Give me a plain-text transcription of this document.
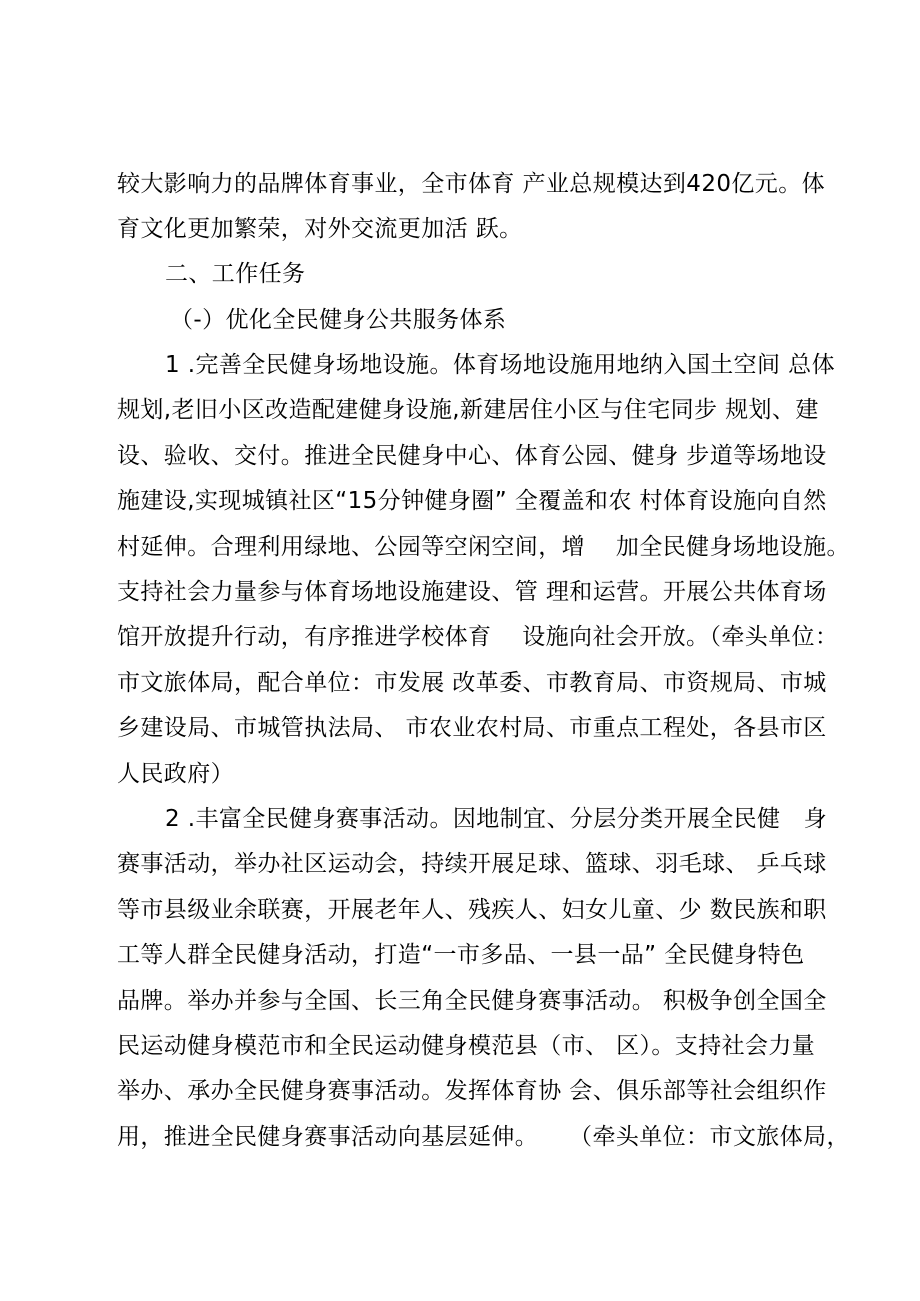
较大影响力的品牌体育事业，全市体育 产业总规模达到420亿元。体
育文化更加繁荣，对外交流更加活 跃。
二、工作任务
（-）优化全民健身公共服务体系
1 .完善全民健身场地设施。体育场地设施用地纳入国土空间 总体
规划,老旧小区改造配建健身设施,新建居住小区与住宅同步 规划、建
设、验收、交付。推进全民健身中心、体育公园、健身 步道等场地设
施建设,实现城镇社区“15分钟健身圈” 全覆盖和农 村体育设施向自然
村延伸。合理利用绿地、公园等空闲空间，增    加全民健身场地设施。
支持社会力量参与体育场地设施建设、管 理和运营。开展公共体育场
馆开放提升行动，有序推进学校体育    设施向社会开放。（牵头单位：
市文旅体局，配合单位：市发展 改革委、市教育局、市资规局、市城
乡建设局、市城管执法局、 市农业农村局、市重点工程处，各县市区
人民政府）
2 .丰富全民健身赛事活动。因地制宜、分层分类开展全民健   身
赛事活动，举办社区运动会，持续开展足球、篮球、羽毛球、 乒乓球
等市县级业余联赛，开展老年人、残疾人、妇女儿童、少 数民族和职
工等人群全民健身活动，打造“一市多品、一县一品” 全民健身特色
品牌。举办并参与全国、长三角全民健身赛事活动。 积极争创全国全
民运动健身模范市和全民运动健身模范县（市、 区）。支持社会力量
举办、承办全民健身赛事活动。发挥体育协 会、俱乐部等社会组织作
用，推进全民健身赛事活动向基层延伸。    （牵头单位：市文旅体局，
